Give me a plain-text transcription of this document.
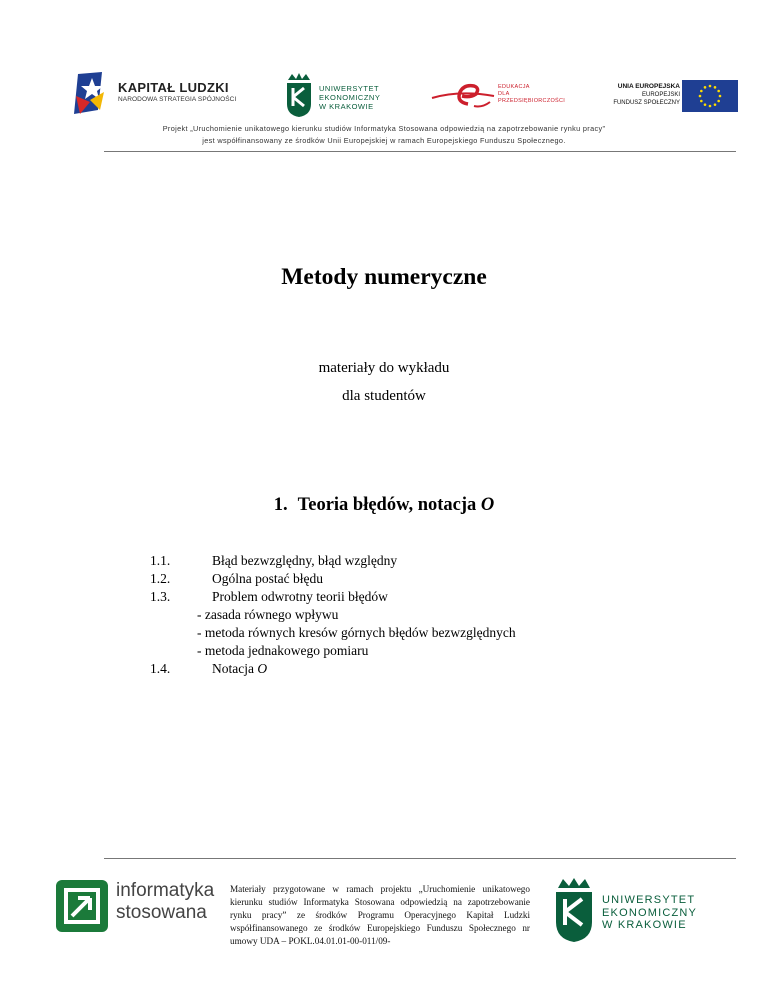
KAPITAŁ LUDZKI
NARODOWA STRATEGIA SPÓJNOŚCI
UNIWERSYTET
EKONOMICZNY
W KRAKOWIE
EDUKACJA
DLA
PRZEDSIĘBIORCZOŚCI
UNIA EUROPEJSKA
EUROPEJSKI
FUNDUSZ SPOŁECZNY
Projekt „Uruchomienie unikatowego kierunku studiów Informatyka Stosowana odpowiedzią na zapotrzebowanie rynku pracy”
jest współfinansowany ze środków Unii Europejskiej w ramach Europejskiego Funduszu Społecznego.
Metody numeryczne
materiały do wykładu
dla studentów
1. Teoria błędów, notacja O
1.1.	Błąd bezwzględny, błąd względny
1.2.	Ogólna postać błędu
1.3.	Problem odwrotny teorii błędów
- zasada równego wpływu
- metoda równych kresów górnych błędów bezwzględnych
- metoda jednakowego pomiaru
1.4.	Notacja O
informatyka
stosowana
Materiały przygotowane w ramach projektu „Uruchomienie unikatowego kierunku studiów Informatyka Stosowana odpowiedzią na zapotrzebowanie rynku pracy” ze środków Programu Operacyjnego Kapitał Ludzki współfinansowanego ze środków Europejskiego Funduszu Społecznego nr umowy UDA – POKL.04.01.01-00-011/09-
UNIWERSYTET
EKONOMICZNY
W KRAKOWIE
